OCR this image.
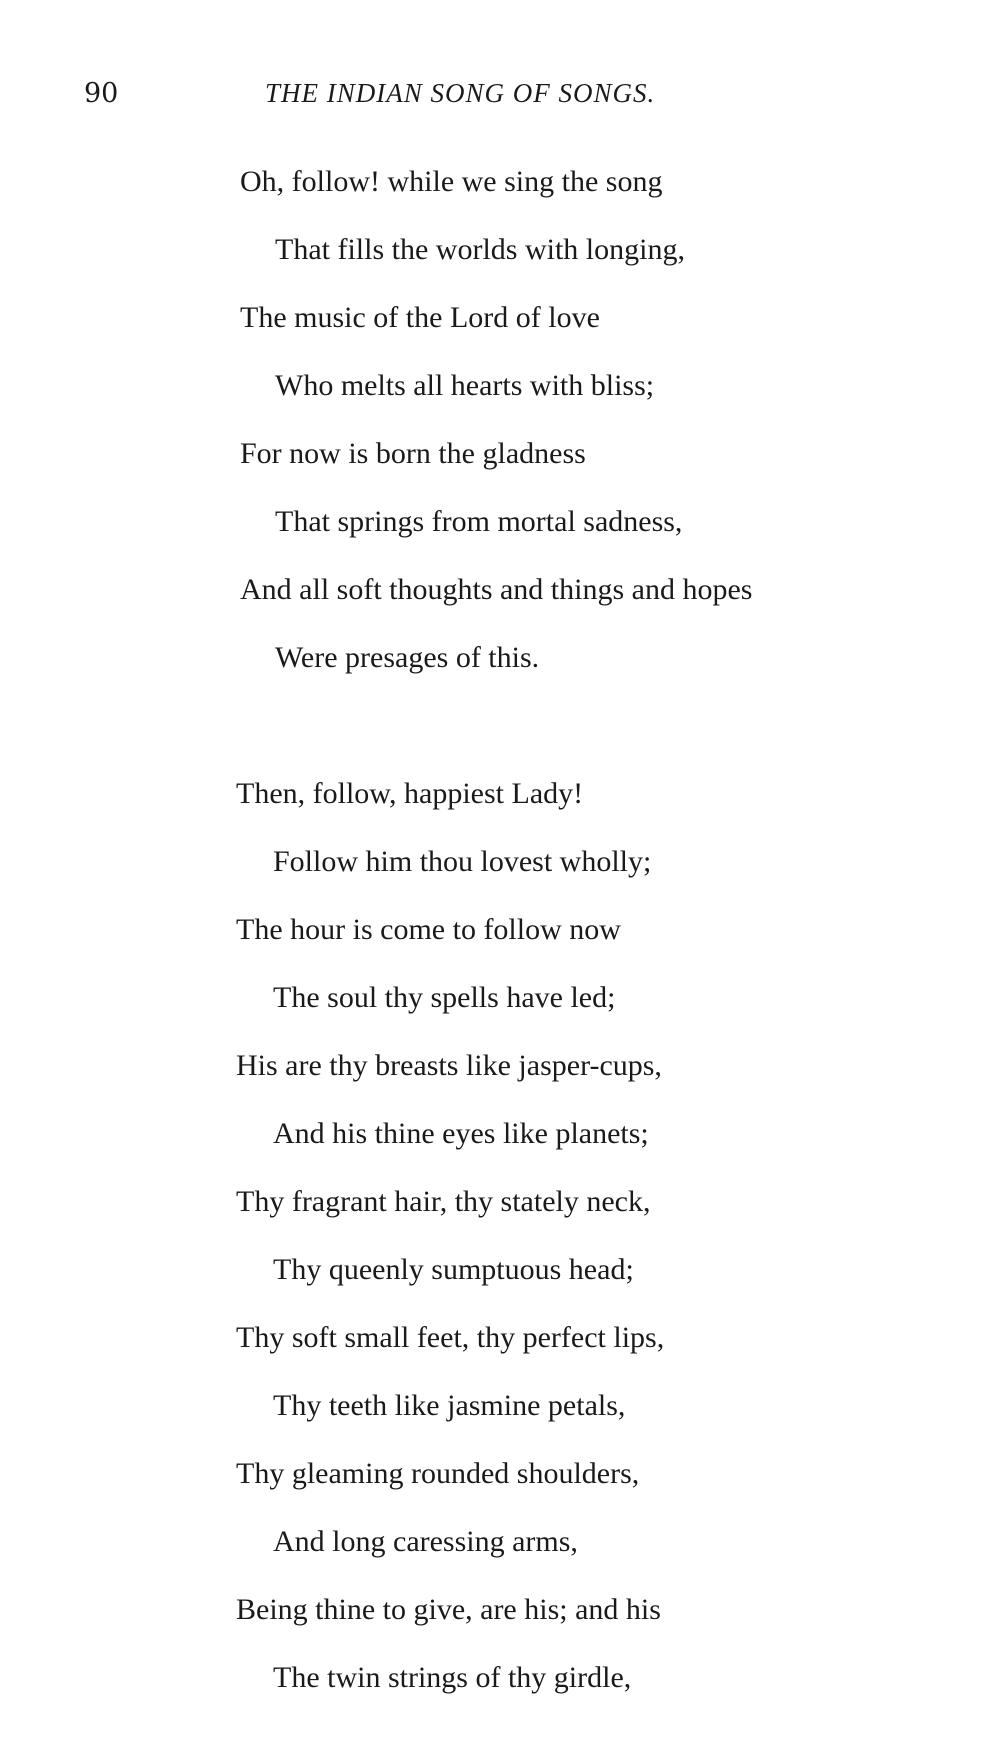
90	THE INDIAN SONG OF SONGS.
Oh, follow! while we sing the song
That fills the worlds with longing,
The music of the Lord of love
Who melts all hearts with bliss;
For now is born the gladness
That springs from mortal sadness,
And all soft thoughts and things and hopes
Were presages of this.
Then, follow, happiest Lady!
Follow him thou lovest wholly;
The hour is come to follow now
The soul thy spells have led;
His are thy breasts like jasper-cups,
And his thine eyes like planets;
Thy fragrant hair, thy stately neck,
Thy queenly sumptuous head;
Thy soft small feet, thy perfect lips,
Thy teeth like jasmine petals,
Thy gleaming rounded shoulders,
And long caressing arms,
Being thine to give, are his; and his
The twin strings of thy girdle,
